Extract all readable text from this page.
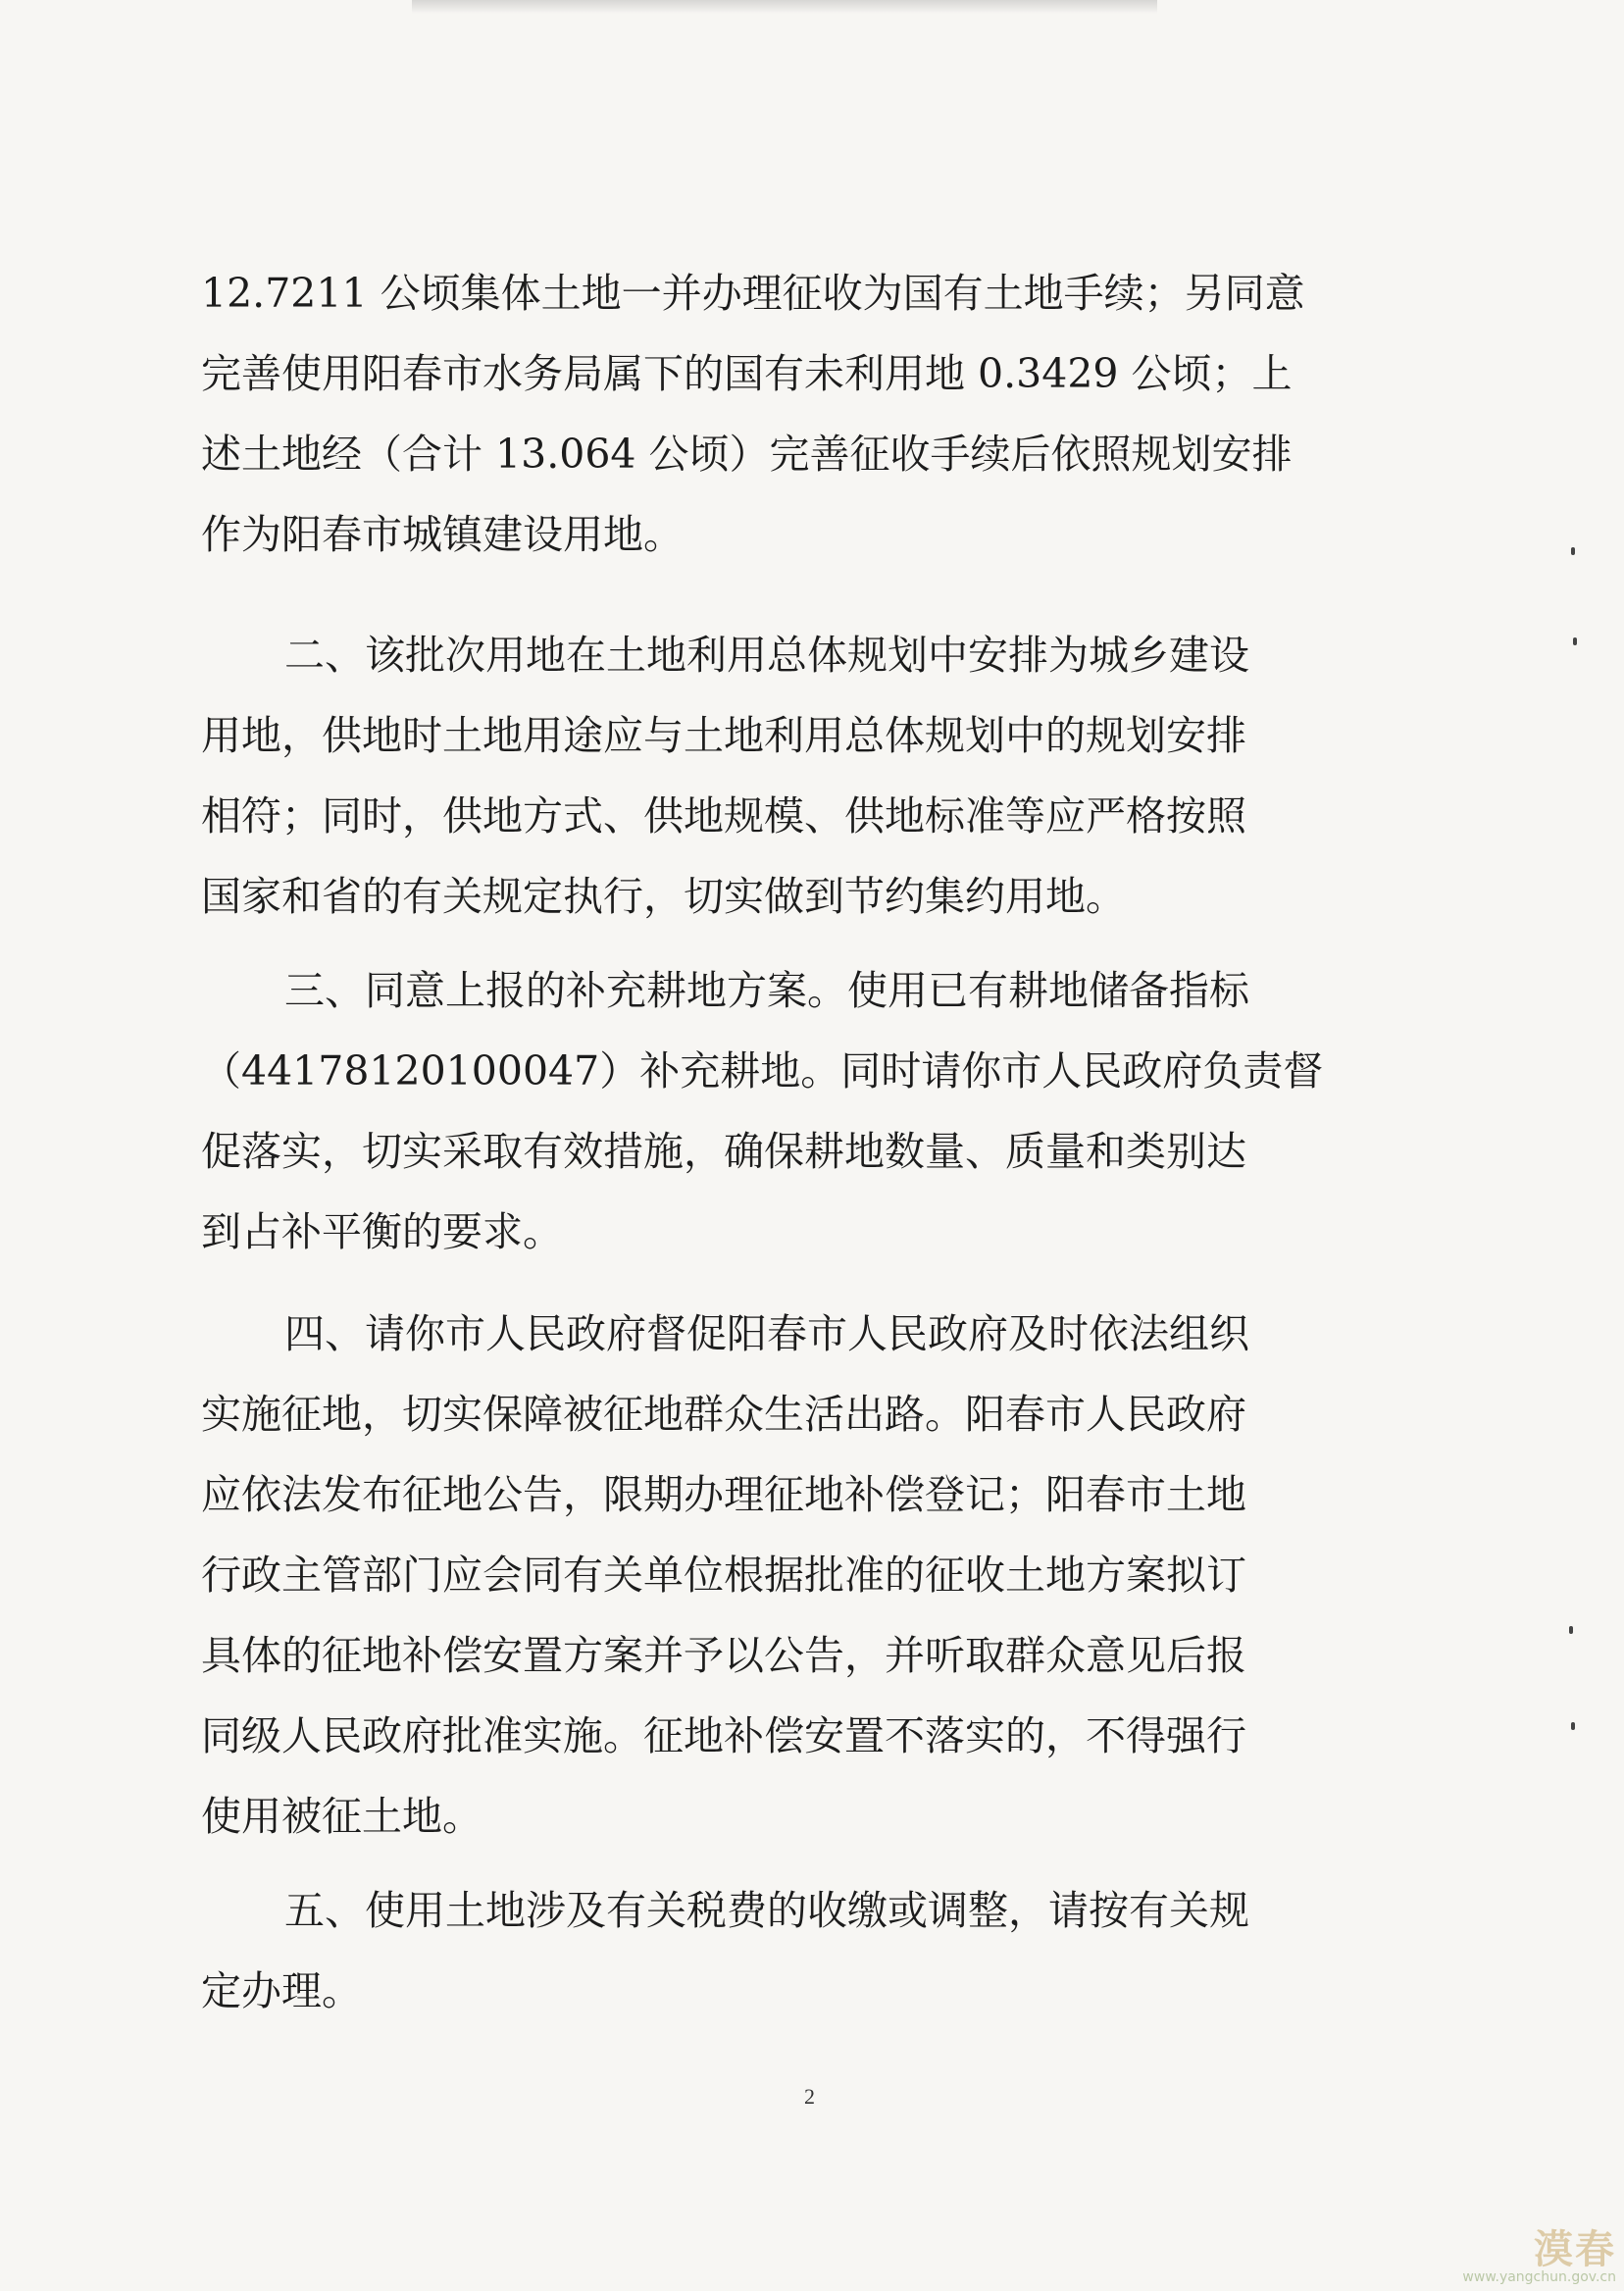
12.7211 公顷集体土地一并办理征收为国有土地手续；另同意
完善使用阳春市水务局属下的国有未利用地 0.3429 公顷；上
述土地经（合计 13.064 公顷）完善征收手续后依照规划安排
作为阳春市城镇建设用地。
二、该批次用地在土地利用总体规划中安排为城乡建设
用地，供地时土地用途应与土地利用总体规划中的规划安排
相符；同时，供地方式、供地规模、供地标准等应严格按照
国家和省的有关规定执行，切实做到节约集约用地。
三、同意上报的补充耕地方案。使用已有耕地储备指标
（44178120100047）补充耕地。同时请你市人民政府负责督
促落实，切实采取有效措施，确保耕地数量、质量和类别达
到占补平衡的要求。
四、请你市人民政府督促阳春市人民政府及时依法组织
实施征地，切实保障被征地群众生活出路。阳春市人民政府
应依法发布征地公告，限期办理征地补偿登记；阳春市土地
行政主管部门应会同有关单位根据批准的征收土地方案拟订
具体的征地补偿安置方案并予以公告，并听取群众意见后报
同级人民政府批准实施。征地补偿安置不落实的，不得强行
使用被征土地。
五、使用土地涉及有关税费的收缴或调整，请按有关规
定办理。
2
漠春
www.yangchun.gov.cn
